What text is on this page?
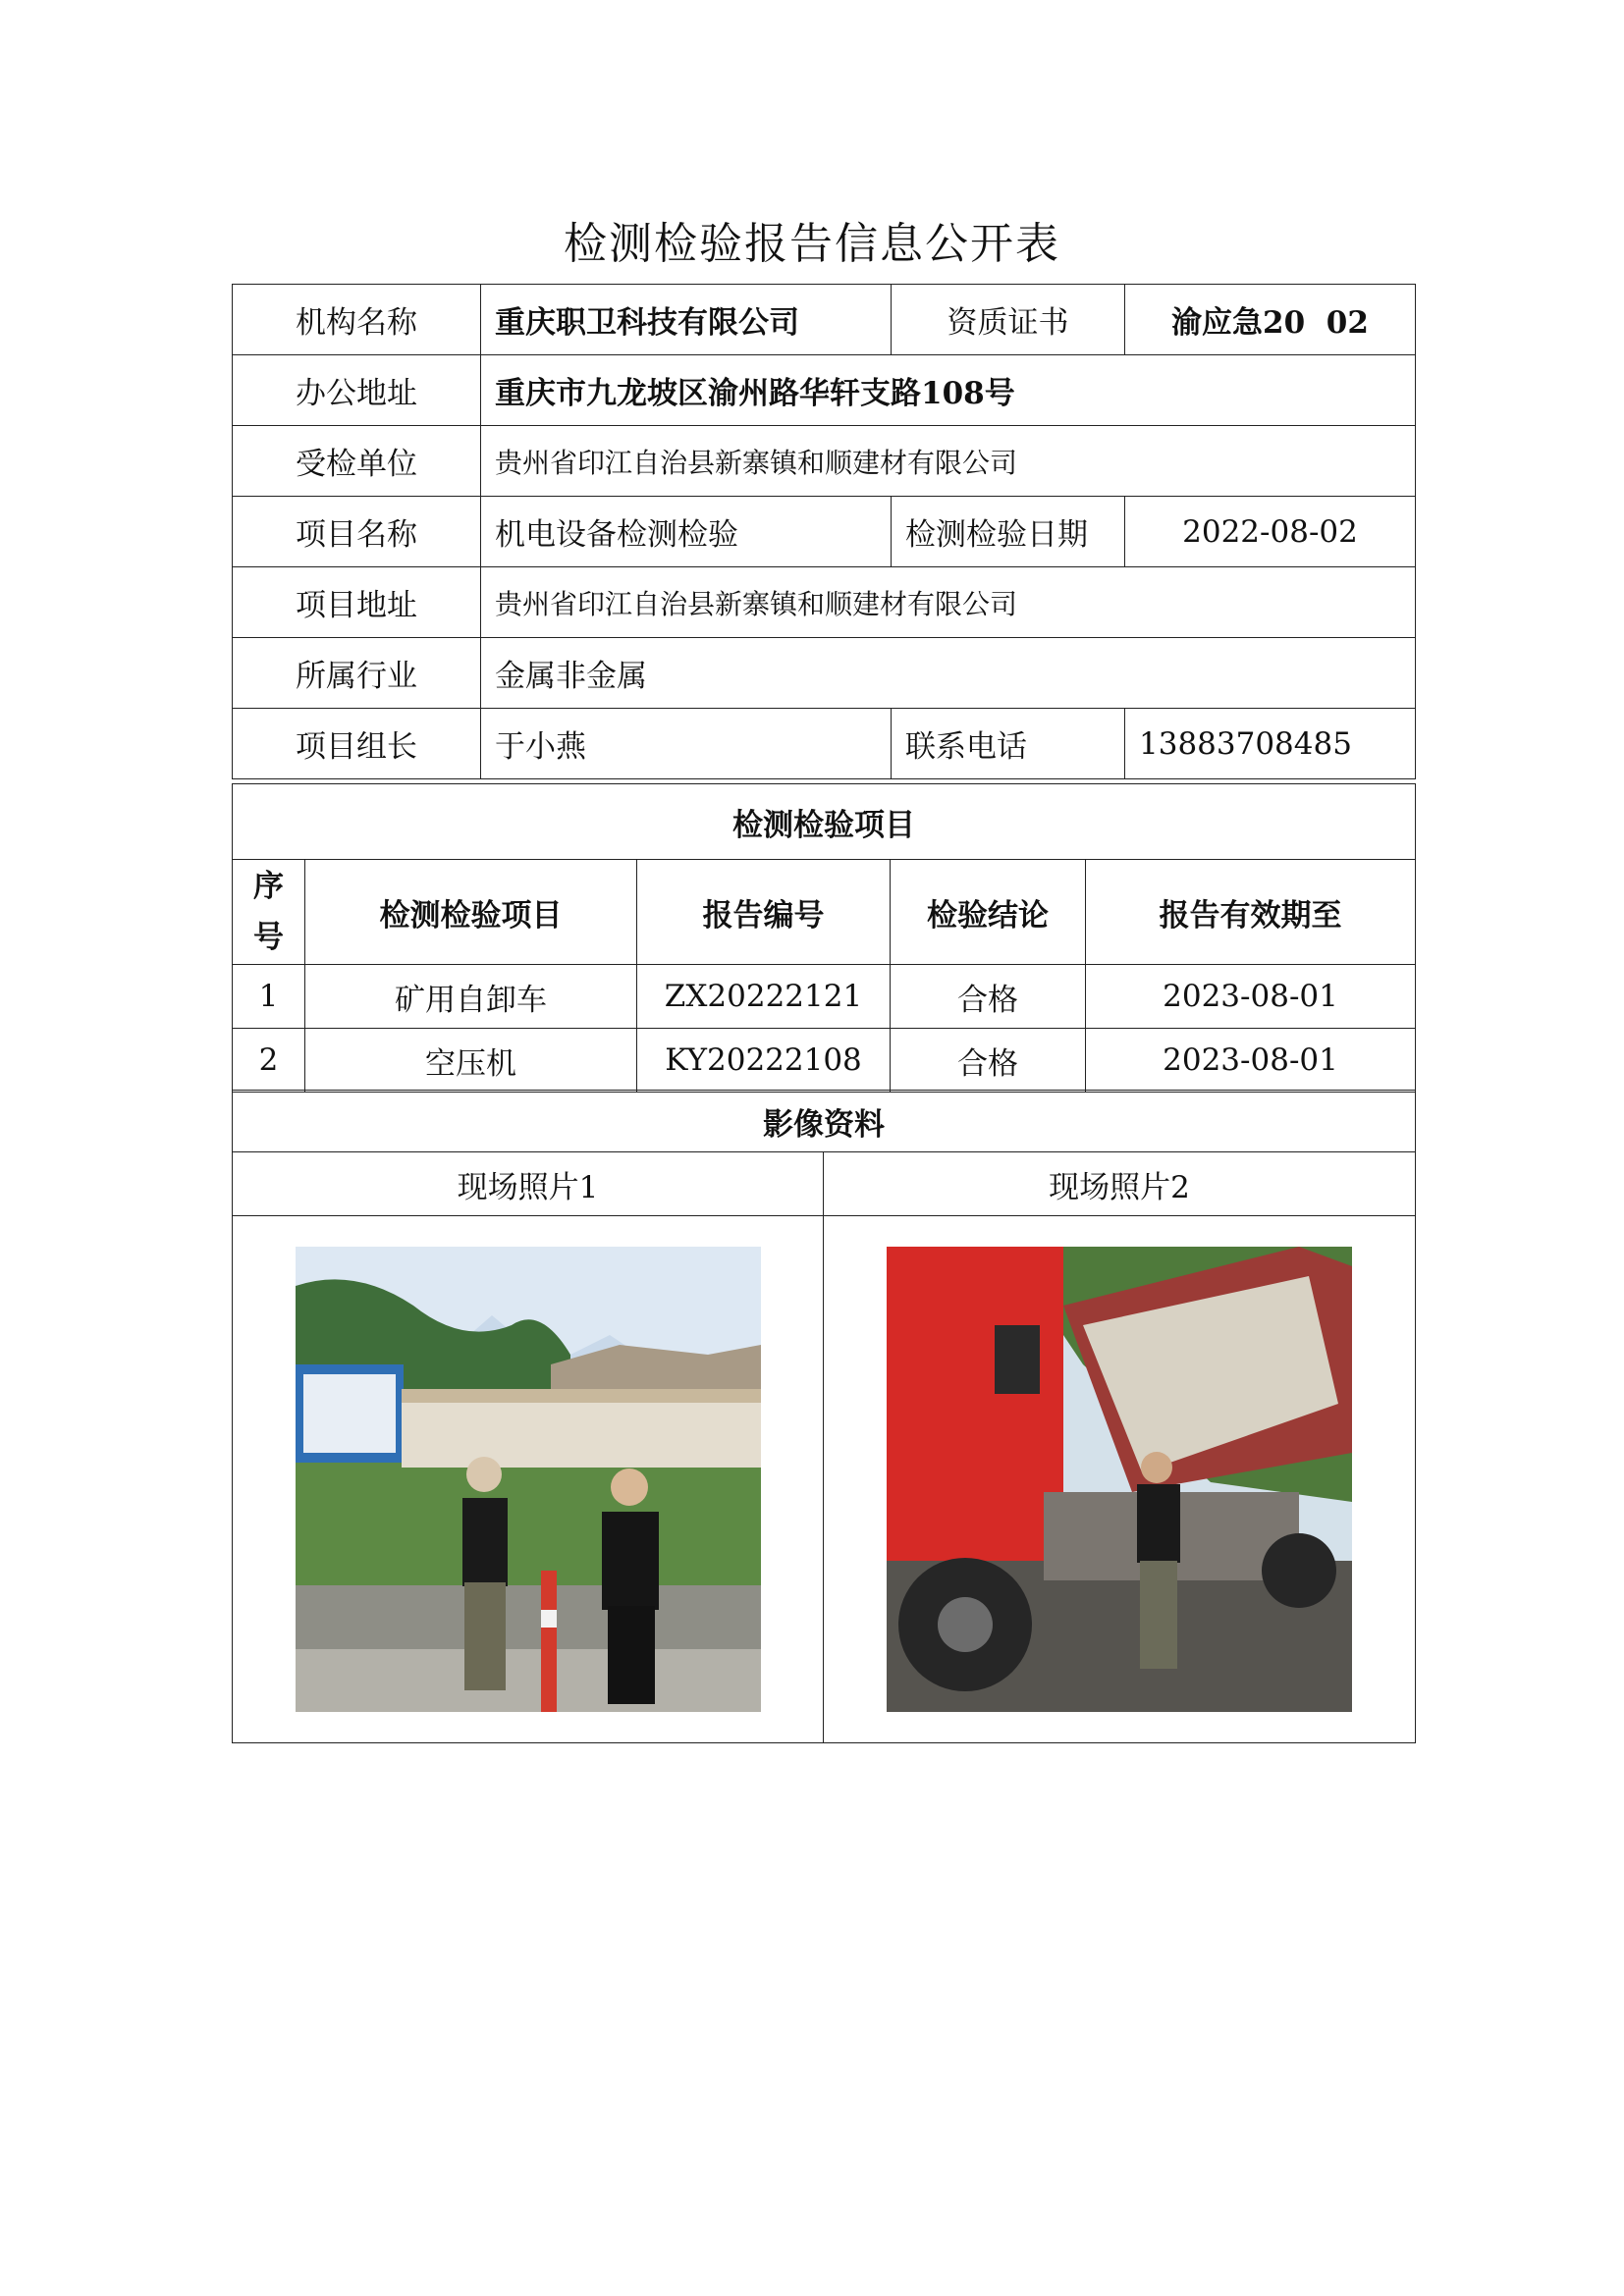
检测检验报告信息公开表
机构名称	重庆职卫科技有限公司	资质证书	渝应急20  02
办公地址	重庆市九龙坡区渝州路华轩支路108号		
受检单位	贵州省印江自治县新寨镇和顺建材有限公司		
项目名称	机电设备检测检验	检测检验日期	2022-08-02
项目地址	贵州省印江自治县新寨镇和顺建材有限公司		
所属行业	金属非金属		
项目组长	于小燕	联系电话	13883708485
检测检验项目				
序号	检测检验项目	报告编号	检验结论	报告有效期至
1	矿用自卸车	ZX20222121	合格	2023-08-01
2	空压机	KY20222108	合格	2023-08-01
影像资料	
现场照片1	现场照片2
